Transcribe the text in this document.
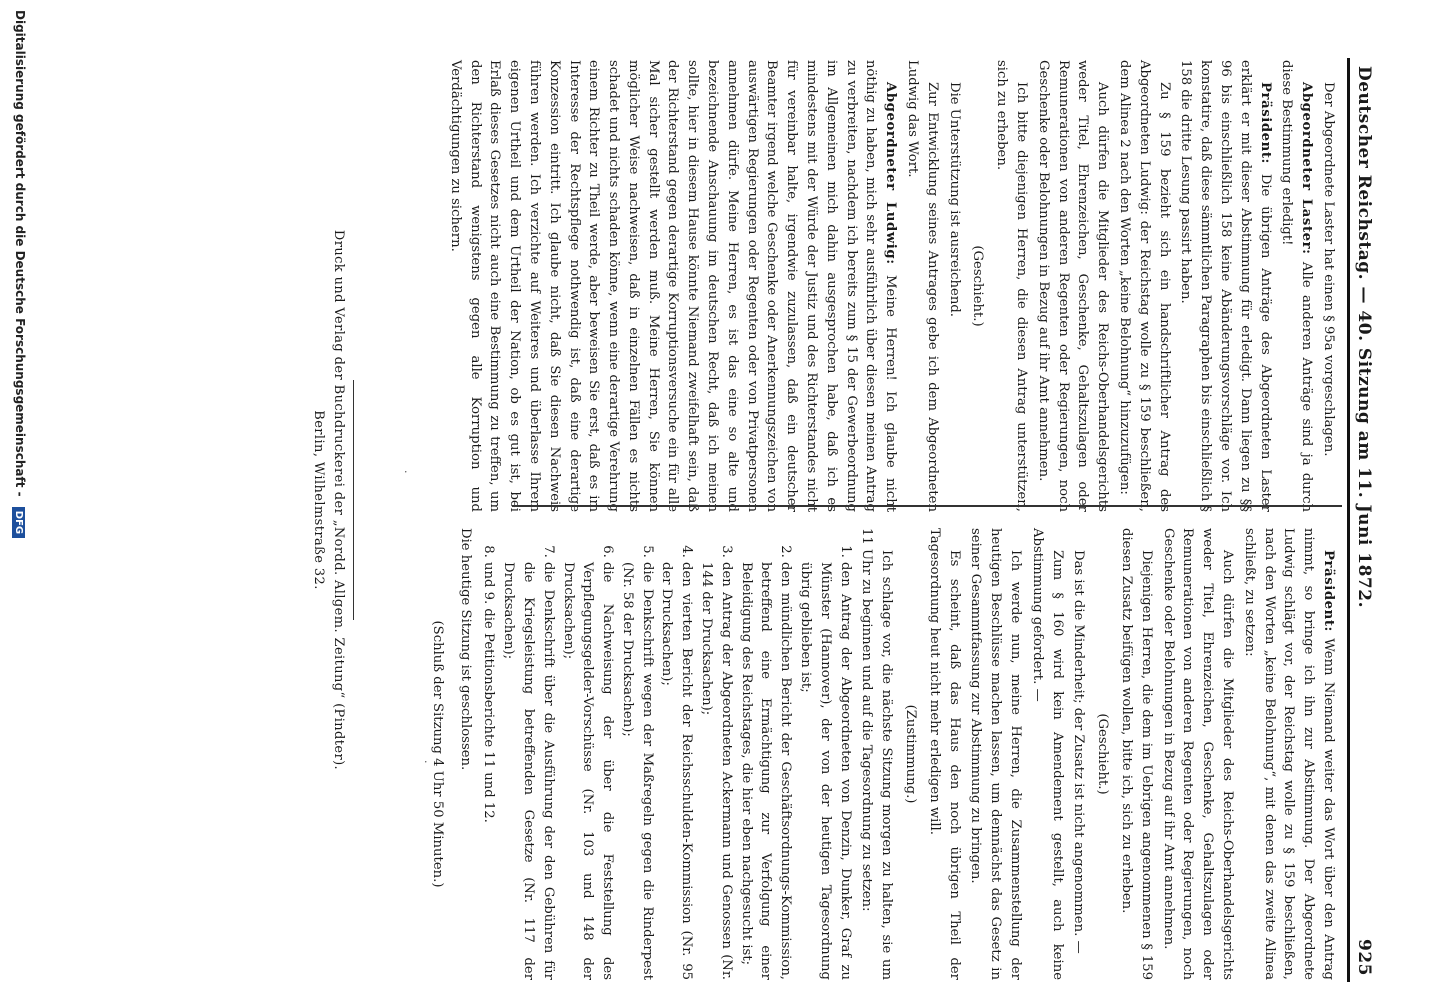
Deutscher Reichstag. — 40. Sitzung am 11. Juni 1872.
925

Der Abgeordnete Laster hat einen § 95a vorgeschlagen.

Abgeordneter Laster: Alle anderen Anträge sind ja durch diese Bestimmung erledigt!

Präsident: Die übrigen Anträge des Abgeordneten Laster erklärt er mit dieser Abstimmung für erledigt. Dann liegen zu §§ 96 bis einschließlich 158 keine Abänderungsvorschläge vor. Ich konstatire, daß diese sämmtlichen Paragraphen bis einschließlich § 158 die dritte Lesung passirt haben.

Zu § 159 bezieht sich ein handschriftlicher Antrag des Abgeordneten Ludwig: der Reichstag wolle zu § 159 beschließen, dem Alinea 2 nach den Worten „keine Belohnung“ hinzuzufügen:

Auch dürfen die Mitglieder des Reichs-Oberhandelsgerichts weder Titel, Ehrenzeichen, Geschenke, Gehaltszulagen oder Remunerationen von anderen Regenten oder Regierungen, noch Geschenke oder Belohnungen in Bezug auf ihr Amt annehmen.

Ich bitte diejenigen Herren, die diesen Antrag unterstützen, sich zu erheben.

(Geschieht.)

Die Unterstützung ist ausreichend.

Zur Entwicklung seines Antrages gebe ich dem Abgeordneten Ludwig das Wort.

Abgeordneter Ludwig: Meine Herren! Ich glaube nicht nöthig zu haben, mich sehr ausführlich über diesen meinen Antrag zu verbreiten, nachdem ich bereits zum § 15 der Gewerbeordnung im Allgemeinen mich dahin ausgesprochen habe, daß ich es mindestens mit der Würde der Justiz und des Richterstandes nicht für vereinbar halte, irgendwie zuzulassen, daß ein deutscher Beamter irgend welche Geschenke oder Anerkennungszeichen von auswärtigen Regierungen oder Regenten oder von Privatpersonen annehmen dürfe. Meine Herren, es ist das eine so alte und bezeichnende Anschauung im deutschen Recht, daß ich meinen sollte, hier in diesem Hause könnte Niemand zweifelhaft sein, daß der Richterstand gegen derartige Korruptionsversuche ein für alle Mal sicher gestellt werden muß. Meine Herren, Sie können möglicher Weise nachweisen, daß in einzelnen Fällen es nichts schadet und nichts schaden könne, wenn eine derartige Verehrung einem Richter zu Theil werde, aber beweisen Sie erst, daß es im Interesse der Rechtspflege nothwendig ist, daß eine derartige Konzession eintritt. Ich glaube nicht, daß Sie diesen Nachweis führen werden. Ich verzichte auf Weiteres und überlasse Ihrem eigenen Urtheil und dem Urtheil der Nation, ob es gut ist, bei Erlaß dieses Gesetzes nicht auch eine Bestimmung zu treffen, um den Richterstand wenigstens gegen alle Korruption und Verdächtigungen zu sichern.

Präsident: Wenn Niemand weiter das Wort über den Antrag nimmt, so bringe ich ihn zur Abstimmung. Der Abgeordnete Ludwig schlägt vor, der Reichstag wolle zu § 159 beschließen, nach den Worten „keine Belohnung“, mit denen das zweite Alinea schließt, zu setzen:

Auch dürfen die Mitglieder des Reichs-Oberhandelsgerichts weder Titel, Ehrenzeichen, Geschenke, Gehaltszulagen oder Remunerationen von anderen Regenten oder Regierungen, noch Geschenke oder Belohnungen in Bezug auf ihr Amt annehmen.

Diejenigen Herren, die dem im Uebrigen angenommenen § 159 diesen Zusatz beifügen wollen, bitte ich, sich zu erheben.

(Geschieht.)

Das ist die Minderheit; der Zusatz ist nicht angenommen. —

Zum § 160 wird kein Amendement gestellt, auch keine Abstimmung gefordert. —

Ich werde nun, meine Herren, die Zusammenstellung der heutigen Beschlüsse machen lassen, um demnächst das Gesetz in seiner Gesammtfassung zur Abstimmung zu bringen.

Es scheint, daß das Haus den noch übrigen Theil der Tagesordnung heut nicht mehr erledigen will.

(Zustimmung.)

Ich schlage vor, die nächste Sitzung morgen zu halten, sie um 11 Uhr zu beginnen und auf die Tagesordnung zu setzen:

1. den Antrag der Abgeordneten von Denzin, Dunker, Graf zu Münster (Hannover), der von der heutigen Tagesordnung übrig geblieben ist;
2. den mündlichen Bericht der Geschäftsordnungs-Kommission, betreffend eine Ermächtigung zur Verfolgung einer Beleidigung des Reichstages, die hier eben nachgesucht ist;
3. den Antrag der Abgeordneten Ackermann und Genossen (Nr. 144 der Drucksachen);
4. den vierten Bericht der Reichsschulden-Kommission (Nr. 95 der Drucksachen);
5. die Denkschrift wegen der Maßregeln gegen die Rinderpest (Nr. 58 der Drucksachen);
6. die Nachweisung der über die Feststellung des Verpflegungsgelder-Vorschüsse (Nr. 103 und 148 der Drucksachen);
7. die Denkschrift über die Ausführung der den Gebühren für die Kriegsleistung betreffenden Gesetze (Nr. 117 der Drucksachen);
8. und 9. die Petitionsberichte 11 und 12.

Die heutige Sitzung ist geschlossen.

(Schluß der Sitzung 4 Uhr 50 Minuten.)
Druck und Verlag der Buchdruckerei der „Nordd. Allgem. Zeitung“ (Pindter).
Berlin, Wilhelmstraße 32.
Digitalisierung gefördert durch die Deutsche Forschungsgemeinschaft - DFG
·
·
